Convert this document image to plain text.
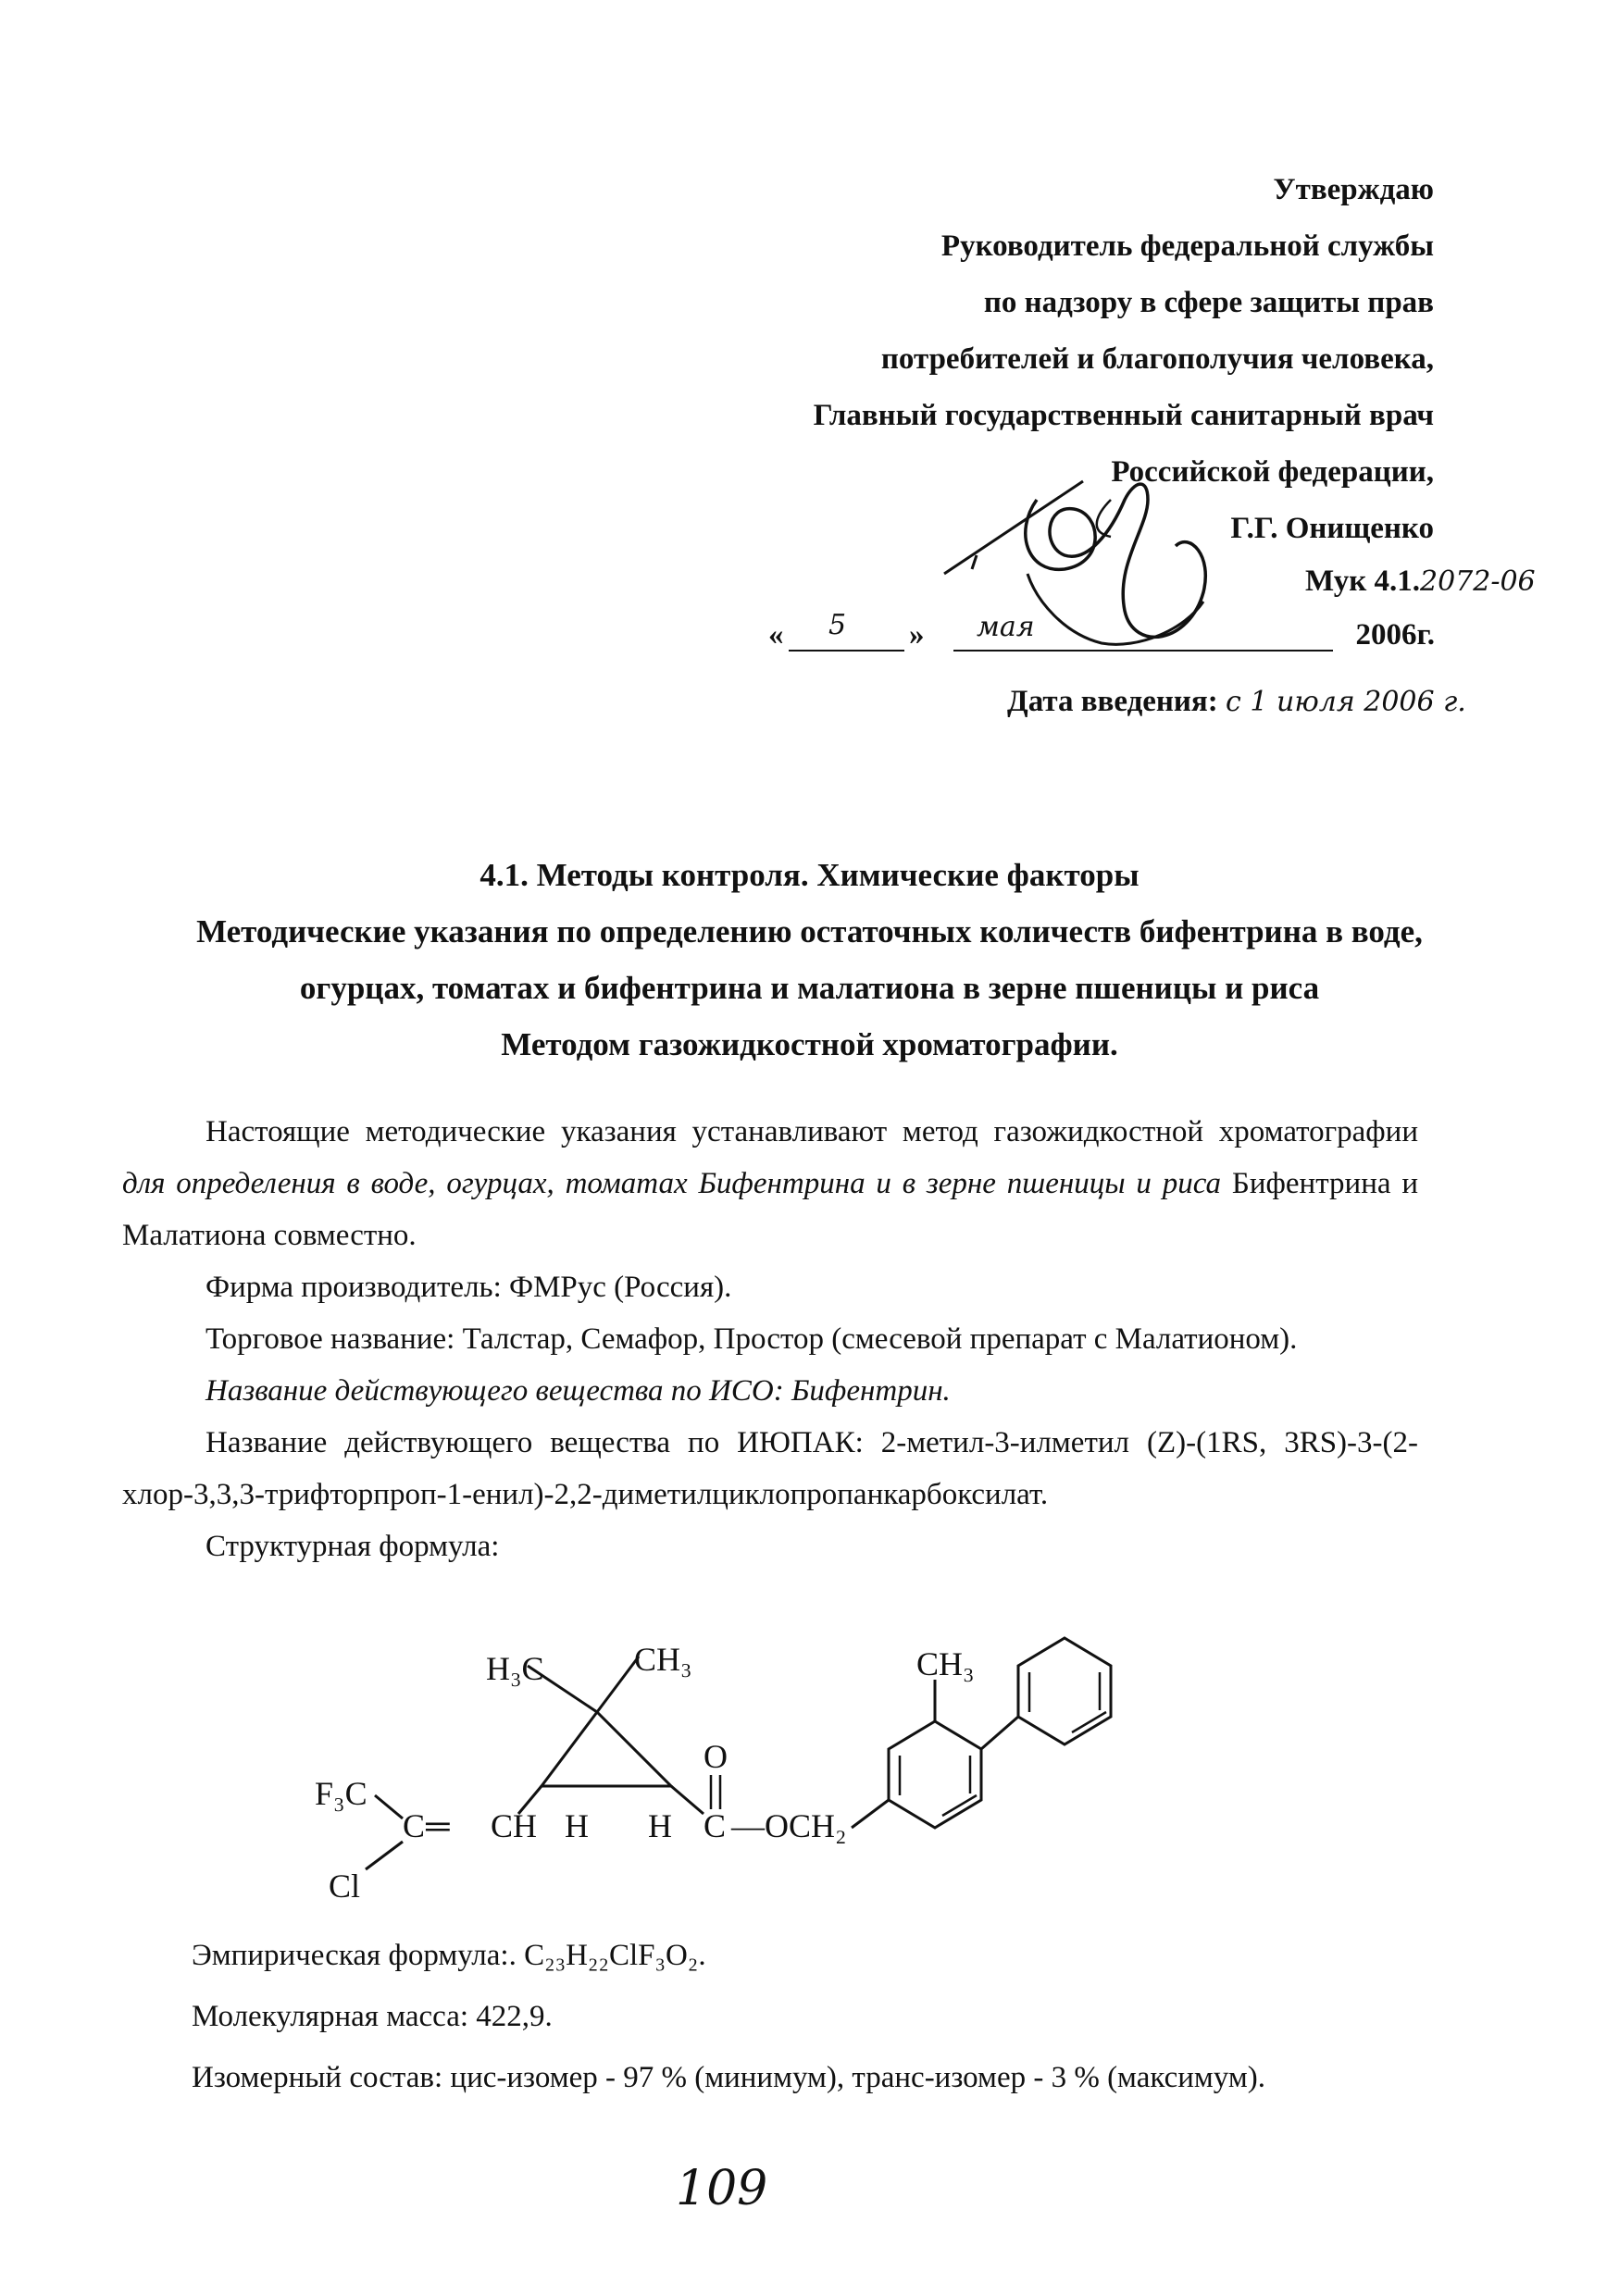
Утверждаю
Руководитель федеральной службы
по надзору в сфере защиты прав
потребителей и благополучия человека,
Главный государственный санитарный врач
Российской федерации,
Г.Г. Онищенко
Мук 4.1.2072-06
« 5 » мая	2006г.
Дата введения: с 1 июля 2006 г.
4.1. Методы контроля. Химические факторы
Методические указания по определению остаточных количеств бифентрина в воде,
огурцах, томатах и бифентрина и малатиона в зерне пшеницы и риса
Методом газожидкостной хроматографии.

Настоящие методические указания устанавливают метод газожидкостной хроматографии для определения в воде, огурцах, томатах Бифентрина и в зерне пшеницы и риса Бифентрина и Малатиона совместно.

Фирма производитель: ФМРус (Россия).

Торговое название: Талстар, Семафор, Простор (смесевой препарат с Малатионом).

Название действующего вещества по ИСО: Бифентрин.

Название действующего вещества по ИЮПАК: 2-метил-3-илметил (Z)-(1RS, 3RS)-3-(2-хлор-3,3,3-трифторпроп-1-енил)-2,2-диметилциклопропанкарбоксилат.

Структурная формула:

H₃C	CH₃
F₃C
C ═ CH
Cl
H H C
O
—OCH₂
CH₃

Эмпирическая формула:. C₂₃H₂₂ClF₃O₂.

Молекулярная масса: 422,9.

Изомерный состав: цис-изомер - 97 % (минимум), транс-изомер - 3 % (максимум).

109
